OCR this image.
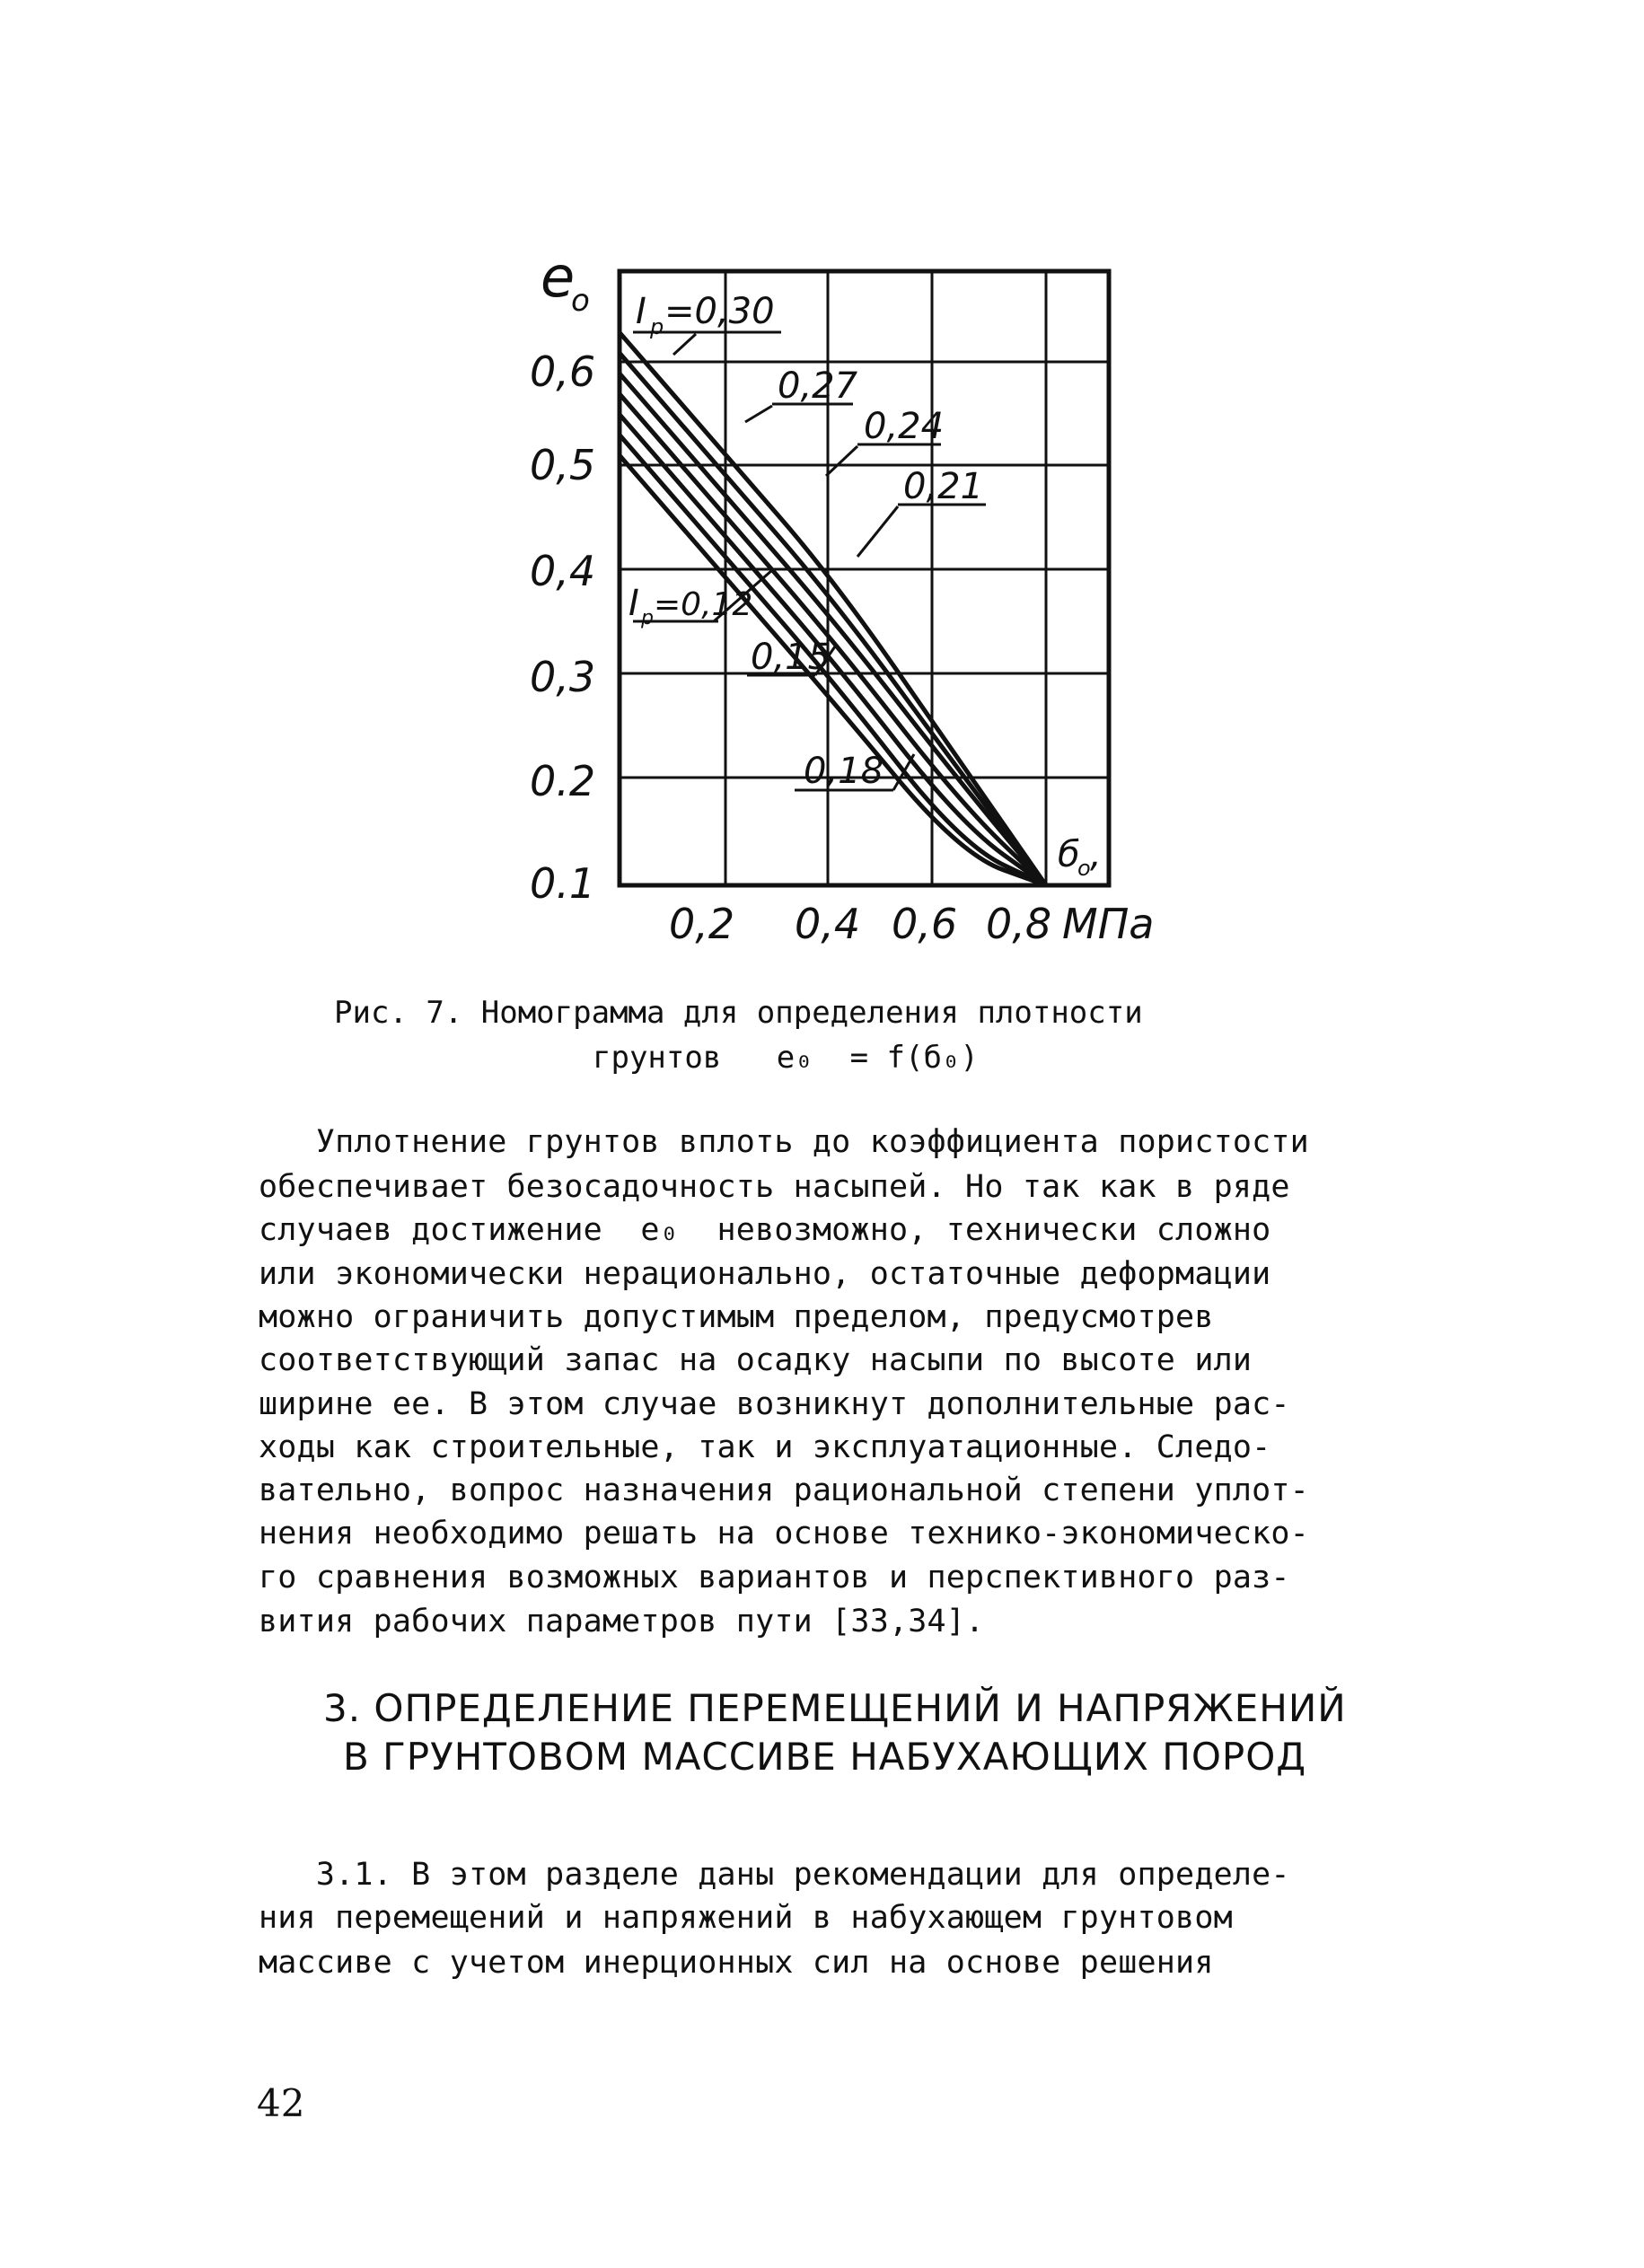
e
o
0,6
0,5
0,4
0,3
0.2
0.1
0,2 0,4 0,6 0,8 МПа
б
o ,
I p =0,30
0,27
0,24
0,21
I p =0,12
0,15
0,18
Рис. 7. Номограмма для определения плотности
грунтов   е₀  = f(б₀)
Уплотнение грунтов вплоть до коэффициента пористости
обеспечивает безосадочность насыпей. Но так как в ряде
случаев достижение  е₀  невозможно, технически сложно
или экономически нерационально, остаточные деформации
можно ограничить допустимым пределом, предусмотрев
соответствующий запас на осадку насыпи по высоте или
ширине ее. В этом случае возникнут дополнительные рас-
ходы как строительные, так и эксплуатационные. Следо-
вательно, вопрос назначения рациональной степени уплот-
нения необходимо решать на основе технико-экономическо-
го сравнения возможных вариантов и перспективного раз-
вития рабочих параметров пути [33,34].
3. ОПРЕДЕЛЕНИЕ ПЕРЕМЕЩЕНИЙ И НАПРЯЖЕНИЙ
В ГРУНТОВОМ МАССИВЕ НАБУХАЮЩИХ ПОРОД
3.1. В этом разделе даны рекомендации для определе-
ния перемещений и напряжений в набухающем грунтовом
массиве с учетом инерционных сил на основе решения
42
